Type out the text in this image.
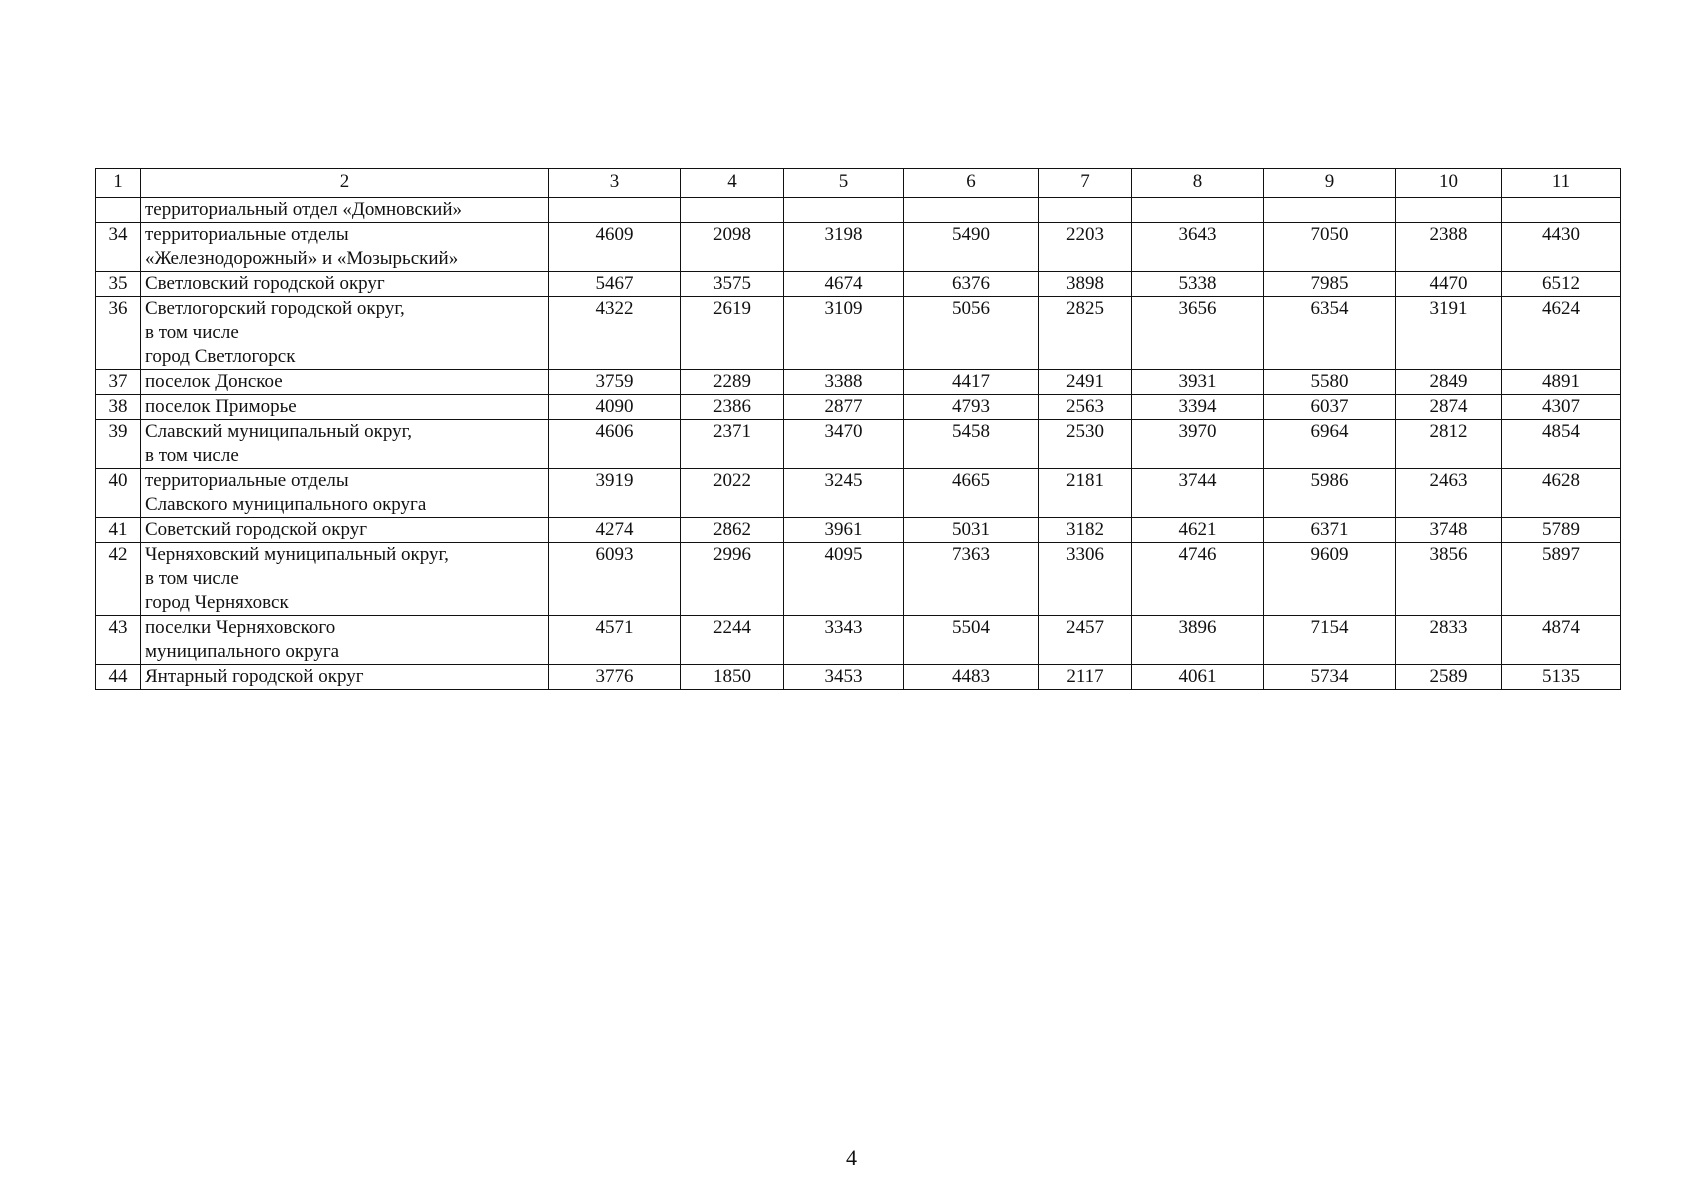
1	2	3	4	5	6	7	8	9	10	11

	территориальный отдел «Домновский»									

34	территориальные отделы
«Железнодорожный» и «Мозырьский»	4609	2098	3198	5490	2203	3643	7050	2388	4430
35	Светловский городской округ	5467	3575	4674	6376	3898	5338	7985	4470	6512
36	Светлогорский городской округ,
в том числе
город Светлогорск	4322	2619	3109	5056	2825	3656	6354	3191	4624
37	поселок Донское	3759	2289	3388	4417	2491	3931	5580	2849	4891
38	поселок Приморье	4090	2386	2877	4793	2563	3394	6037	2874	4307
39	Славский муниципальный округ,
в том числе	4606	2371	3470	5458	2530	3970	6964	2812	4854
40	территориальные отделы
Славского муниципального округа	3919	2022	3245	4665	2181	3744	5986	2463	4628
41	Советский городской округ	4274	2862	3961	5031	3182	4621	6371	3748	5789
42	Черняховский муниципальный округ,
в том числе
город Черняховск	6093	2996	4095	7363	3306	4746	9609	3856	5897
43	поселки Черняховского
муниципального округа	4571	2244	3343	5504	2457	3896	7154	2833	4874
44	Янтарный городской округ	3776	1850	3453	4483	2117	4061	5734	2589	5135
4
